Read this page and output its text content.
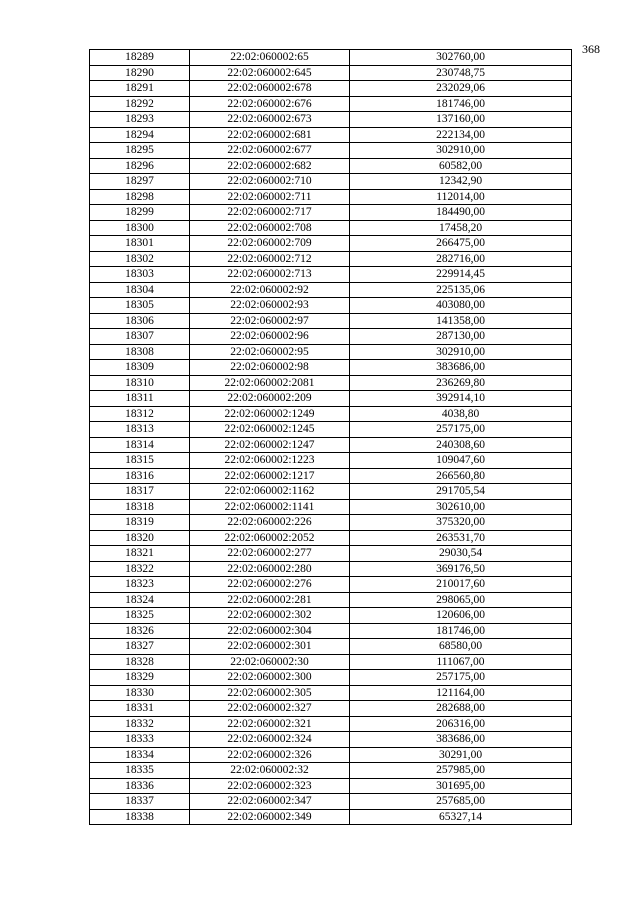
368
18289	22:02:060002:65	302760,00
18290	22:02:060002:645	230748,75
18291	22:02:060002:678	232029,06
18292	22:02:060002:676	181746,00
18293	22:02:060002:673	137160,00
18294	22:02:060002:681	222134,00
18295	22:02:060002:677	302910,00
18296	22:02:060002:682	60582,00
18297	22:02:060002:710	12342,90
18298	22:02:060002:711	112014,00
18299	22:02:060002:717	184490,00
18300	22:02:060002:708	17458,20
18301	22:02:060002:709	266475,00
18302	22:02:060002:712	282716,00
18303	22:02:060002:713	229914,45
18304	22:02:060002:92	225135,06
18305	22:02:060002:93	403080,00
18306	22:02:060002:97	141358,00
18307	22:02:060002:96	287130,00
18308	22:02:060002:95	302910,00
18309	22:02:060002:98	383686,00
18310	22:02:060002:2081	236269,80
18311	22:02:060002:209	392914,10
18312	22:02:060002:1249	4038,80
18313	22:02:060002:1245	257175,00
18314	22:02:060002:1247	240308,60
18315	22:02:060002:1223	109047,60
18316	22:02:060002:1217	266560,80
18317	22:02:060002:1162	291705,54
18318	22:02:060002:1141	302610,00
18319	22:02:060002:226	375320,00
18320	22:02:060002:2052	263531,70
18321	22:02:060002:277	29030,54
18322	22:02:060002:280	369176,50
18323	22:02:060002:276	210017,60
18324	22:02:060002:281	298065,00
18325	22:02:060002:302	120606,00
18326	22:02:060002:304	181746,00
18327	22:02:060002:301	68580,00
18328	22:02:060002:30	111067,00
18329	22:02:060002:300	257175,00
18330	22:02:060002:305	121164,00
18331	22:02:060002:327	282688,00
18332	22:02:060002:321	206316,00
18333	22:02:060002:324	383686,00
18334	22:02:060002:326	30291,00
18335	22:02:060002:32	257985,00
18336	22:02:060002:323	301695,00
18337	22:02:060002:347	257685,00
18338	22:02:060002:349	65327,14
